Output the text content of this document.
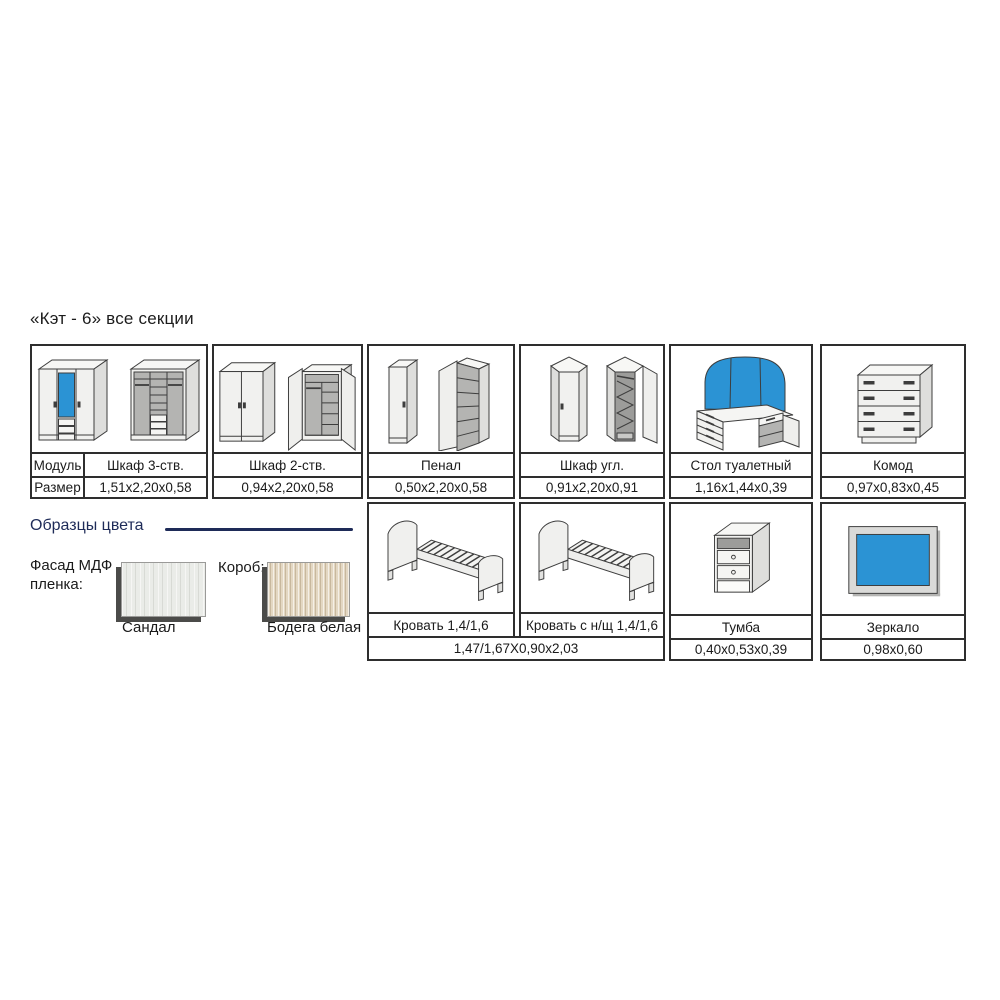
«Кэт - 6» все секции
Модуль	Шкаф 3-ств.
Размер	1,51х2,20х0,58
Шкаф 2-ств.
0,94х2,20х0,58
Пенал
0,50х2,20х0,58
Шкаф угл.
0,91х2,20х0,91
Стол туалетный
1,16х1,44х0,39
Комод
0,97х0,83х0,45
Кровать 1,4/1,6	Кровать с н/щ 1,4/1,6
1,47/1,67Х0,90х2,03
Тумба
0,40х0,53х0,39
Зеркало
0,98х0,60
Образцы цвета
Фасад МДФ пленка:
Сандал
Короб:
Бодега белая
